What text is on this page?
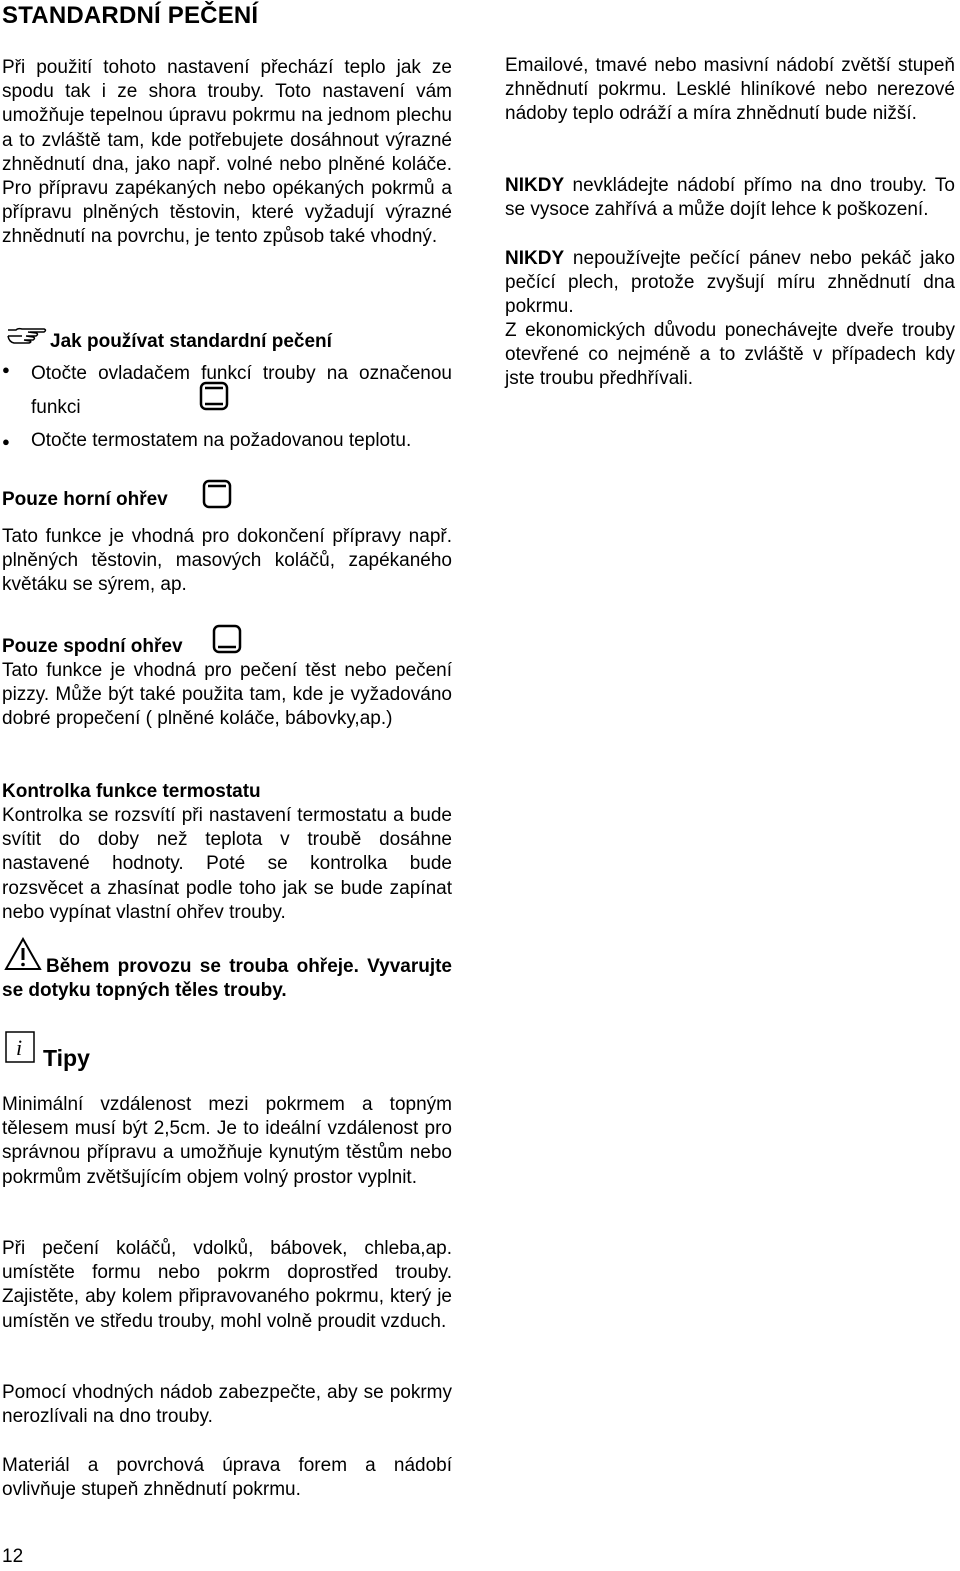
STANDARDNÍ PEČENÍ

Při použití tohoto nastavení přechází teplo jak ze spodu tak i ze shora trouby. Toto nastavení vám umožňuje tepelnou úpravu pokrmu na jednom plechu a to zvláště tam, kde potřebujete dosáhnout výrazné zhnědnutí dna, jako např. volné nebo plněné koláče. Pro přípravu zapékaných nebo opékaných pokrmů a přípravu plněných těstovin, které vyžadují výrazné zhnědnutí na povrchu, je tento způsob také vhodný.

Jak používat standardní pečení
● Otočte ovladačem funkcí trouby na označenou funkci

● Otočte termostatem na požadovanou teplotu.

Pouze horní ohřev

Tato funkce je vhodná pro dokončení přípravy např. plněných těstovin, masových koláčů, zapékaného květáku se sýrem, ap.

Pouze spodní ohřev

Tato funkce je vhodná pro pečení těst nebo pečení pizzy. Může být také použita tam, kde je vyžadováno dobré propečení ( plněné koláče, bábovky,ap.)

Kontrolka funkce termostatu

Kontrolka se rozsvítí při nastavení termostatu a bude svítit do doby než teplota v troubě dosáhne nastavené hodnoty. Poté se kontrolka bude rozsvěcet a zhasínat podle toho jak se bude zapínat nebo vypínat vlastní ohřev trouby.

Během provozu se trouba ohřeje. Vyvarujte se dotyku topných těles trouby.

i Tipy

Minimální vzdálenost mezi pokrmem a topným tělesem musí být 2,5cm. Je to ideální vzdálenost pro správnou přípravu a umožňuje kynutým těstům nebo pokrmům zvětšujícím objem volný prostor vyplnit.

Při pečení koláčů, vdolků, bábovek, chleba,ap. umístěte formu nebo pokrm doprostřed trouby. Zajistěte, aby kolem připravovaného pokrmu, který je umístěn ve středu trouby, mohl volně proudit vzduch.

Pomocí vhodných nádob zabezpečte, aby se pokrmy nerozlívali na dno trouby.

Materiál a povrchová úprava forem a nádobí ovlivňuje stupeň zhnědnutí pokrmu.

Emailové, tmavé nebo masivní nádobí zvětší stupeň zhnědnutí pokrmu. Lesklé hliníkové nebo nerezové nádoby teplo odráží a míra zhnědnutí bude nižší.

NIKDY nevkládejte nádobí přímo na dno trouby. To se vysoce zahřívá a může dojít lehce k poškození.

NIKDY nepoužívejte pečící pánev nebo pekáč jako pečící plech, protože zvyšují míru zhnědnutí dna pokrmu.

Z ekonomických důvodu ponechávejte dveře trouby otevřené co nejméně a to zvláště v případech kdy jste troubu předhřívali.

12
